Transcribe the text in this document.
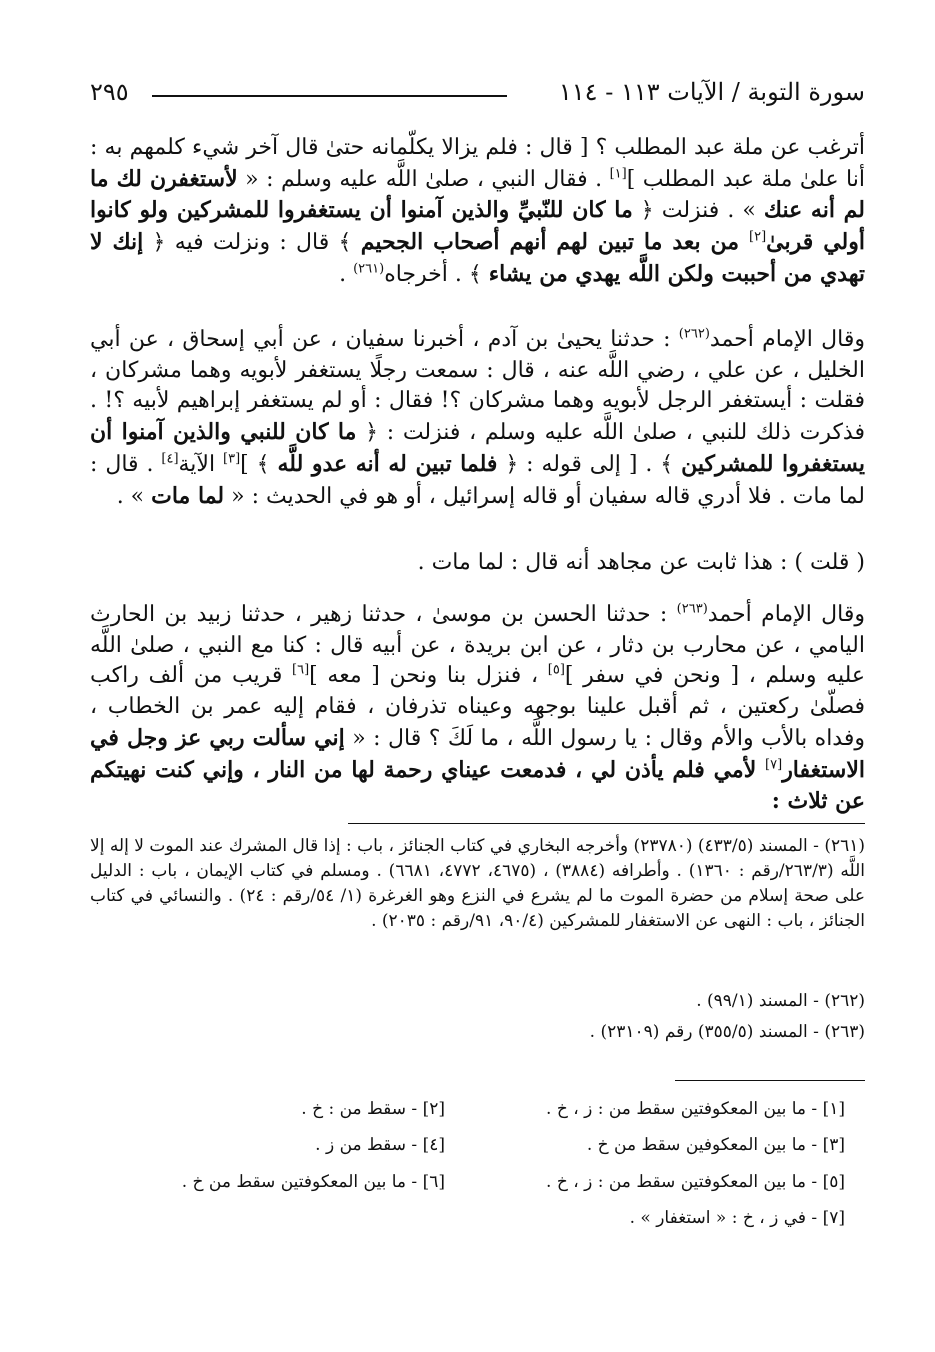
سورة التوبة / الآيات ١١٣ - ١١٤
٢٩٥

أترغب عن ملة عبد المطلب ؟ [ قال : فلم يزالا يكلّمانه حتىٰ قال آخر شيء كلمهم به : أنا علىٰ ملة عبد المطلب ][١] . فقال النبي ، صلىٰ اللَّه عليه وسلم : « لأستغفرن لك ما لم أنه عنك » . فنزلت ﴿ ما كان للنّبيِّ والذين آمنوا أن يستغفروا للمشركين ولو كانوا أولي قربىٰ[٢] من بعد ما تبين لهم أنهم أصحاب الجحيم ﴾ قال : ونزلت فيه ﴿ إنك لا تهدي من أحببت ولكن اللَّه يهدي من يشاء ﴾ . أخرجاه$^{(٢٦١)}$ .

وقال الإمام أحمد$^{(٢٦٢)}$ : حدثنا يحيىٰ بن آدم ، أخبرنا سفيان ، عن أبي إسحاق ، عن أبي الخليل ، عن علي ، رضي اللَّه عنه ، قال : سمعت رجلًا يستغفر لأبويه وهما مشركان ، فقلت : أيستغفر الرجل لأبويه وهما مشركان ؟! فقال : أو لم يستغفر إبراهيم لأبيه ؟! . فذكرت ذلك للنبي ، صلىٰ اللَّه عليه وسلم ، فنزلت : ﴿ ما كان للنبي والذين آمنوا أن يستغفروا للمشركين ﴾ . [ إلى قوله : ﴿ فلما تبين له أنه عدو للَّه ﴾ ][٣] الآية[٤] . قال : لما مات . فلا أدري قاله سفيان أو قاله إسرائيل ، أو هو في الحديث : « لما مات » .

( قلت ) : هذا ثابت عن مجاهد أنه قال : لما مات .

وقال الإمام أحمد$^{(٢٦٣)}$ : حدثنا الحسن بن موسىٰ ، حدثنا زهير ، حدثنا زبيد بن الحارث اليامي ، عن محارب بن دثار ، عن ابن بريدة ، عن أبيه قال : كنا مع النبي ، صلىٰ اللَّه عليه وسلم ، [ ونحن في سفر ][٥] ، فنزل بنا ونحن [ معه ][٦] قريب من ألف راكب فصلّىٰ ركعتين ، ثم أقبل علينا بوجهه وعيناه تذرفان ، فقام إليه عمر بن الخطاب ، وفداه بالأب والأم وقال : يا رسول اللَّه ، ما لَكَ ؟ قال : « إني سألت ربي عز وجل في الاستغفار[٧] لأمي فلم يأذن لي ، فدمعت عيناي رحمة لها من النار ، وإني كنت نهيتكم عن ثلاث :

(٢٦١) - المسند (٤٣٣/٥) (٢٣٧٨٠) وأخرجه البخاري في كتاب الجنائز ، باب : إذا قال المشرك عند الموت لا إله إلا اللَّه (٢٦٣/٣/رقم : ١٣٦٠) . وأطرافه (٣٨٨٤) ، (٤٦٧٥، ٤٧٧٢، ٦٦٨١) . ومسلم في كتاب الإيمان ، باب : الدليل على صحة إسلام من حضرة الموت ما لم يشرع في النزع وهو الغرغرة (١/ ٥٤/رقم : ٢٤) . والنسائي في كتاب الجنائز ، باب : النهى عن الاستغفار للمشركين (٩٠/٤، ٩١/رقم : ٢٠٣٥) .

(٢٦٢) - المسند (٩٩/١) .

(٢٦٣) - المسند (٣٥٥/٥) رقم (٢٣١٠٩) .

[١] - ما بين المعكوفتين سقط من : ز ، خ .
[٢] - سقط من : خ .
[٣] - ما بين المعكوفين سقط من خ .
[٤] - سقط من ز .
[٥] - ما بين المعكوفتين سقط من : ز ، خ .
[٦] - ما بين المعكوفتين سقط من خ .
[٧] - في ز ، خ : « استغفار » .
